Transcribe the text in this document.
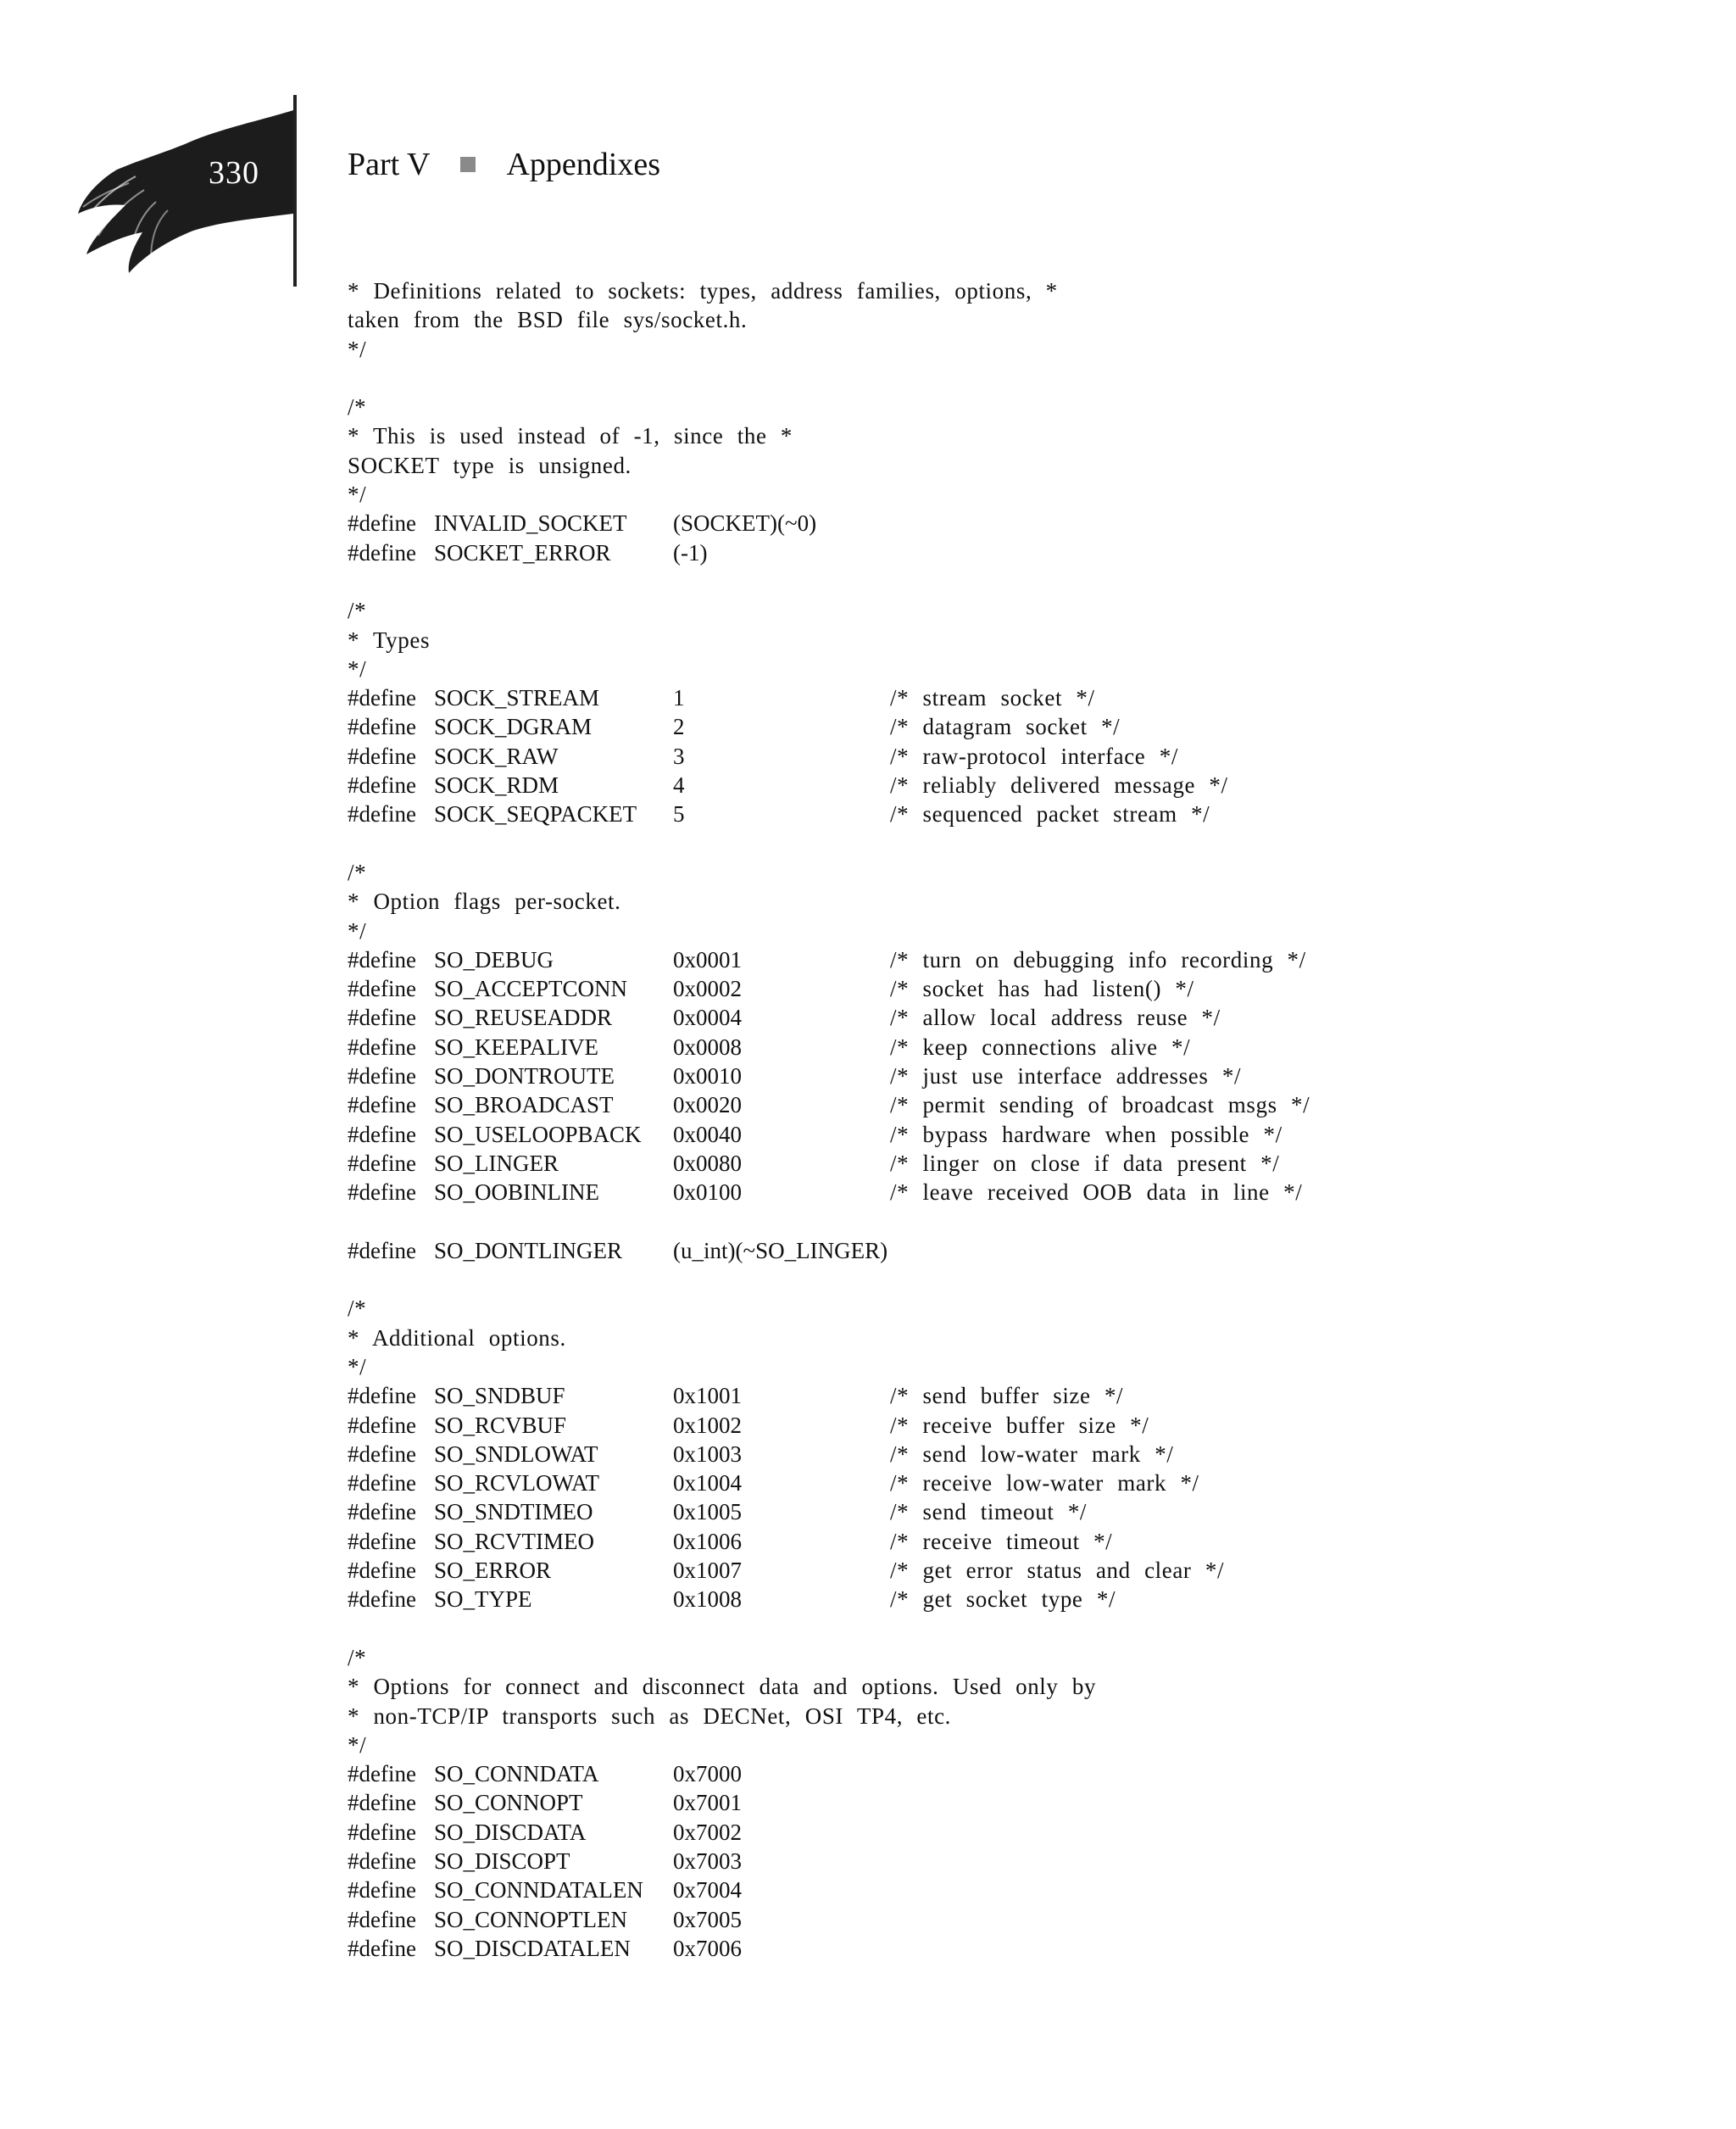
330	Part V Appendixes
* Definitions related to sockets: types, address families, options, *
taken from the BSD file sys/socket.h.
*/
/*
* This is used instead of -1, since the *
SOCKET type is unsigned.
*/
#define INVALID_SOCKET (SOCKET)(~0)
#define SOCKET_ERROR	(-1)
/*
* Types
*/
#define SOCK_STREAM	1	/* stream socket */
#define SOCK_DGRAM	2	/* datagram socket */
#define SOCK_RAW	3	/* raw-protocol interface */
#define SOCK_RDM	4	/* reliably delivered message */
#define SOCK_SEQPACKET 5	/* sequenced packet stream */
/*
* Option flags per-socket.
*/
#define SO_DEBUG	0x0001	/* turn on debugging info recording */
#define SO_ACCEPTCONN 0x0002	/* socket has had listen() */
#define SO_REUSEADDR	0x0004	/* allow local address reuse */
#define SO_KEEPALIVE	0x0008	/* keep connections alive */
#define SO_DONTROUTE	0x0010	/* just use interface addresses */
#define SO_BROADCAST	0x0020	/* permit sending of broadcast msgs */
#define SO_USELOOPBACK 0x0040	/* bypass hardware when possible */
#define SO_LINGER	0x0080	/* linger on close if data present */
#define SO_OOBINLINE	0x0100	/* leave received OOB data in line */
#define SO_DONTLINGER (u_int)(~SO_LINGER)
/*
* Additional options.
*/
#define SO_SNDBUF	0x1001	/* send buffer size */
#define SO_RCVBUF	0x1002	/* receive buffer size */
#define SO_SNDLOWAT	0x1003	/* send low-water mark */
#define SO_RCVLOWAT	0x1004	/* receive low-water mark */
#define SO_SNDTIMEO	0x1005	/* send timeout */
#define SO_RCVTIMEO	0x1006	/* receive timeout */
#define SO_ERROR	0x1007	/* get error status and clear */
#define SO_TYPE	0x1008	/* get socket type */
/*
* Options for connect and disconnect data and options. Used only by
* non-TCP/IP transports such as DECNet, OSI TP4, etc.
*/
#define SO_CONNDATA	0x7000
#define SO_CONNOPT	0x7001
#define SO_DISCDATA	0x7002
#define SO_DISCOPT	0x7003
#define SO_CONNDATALEN 0x7004
#define SO_CONNOPTLEN 0x7005
#define SO_DISCDATALEN 0x7006
